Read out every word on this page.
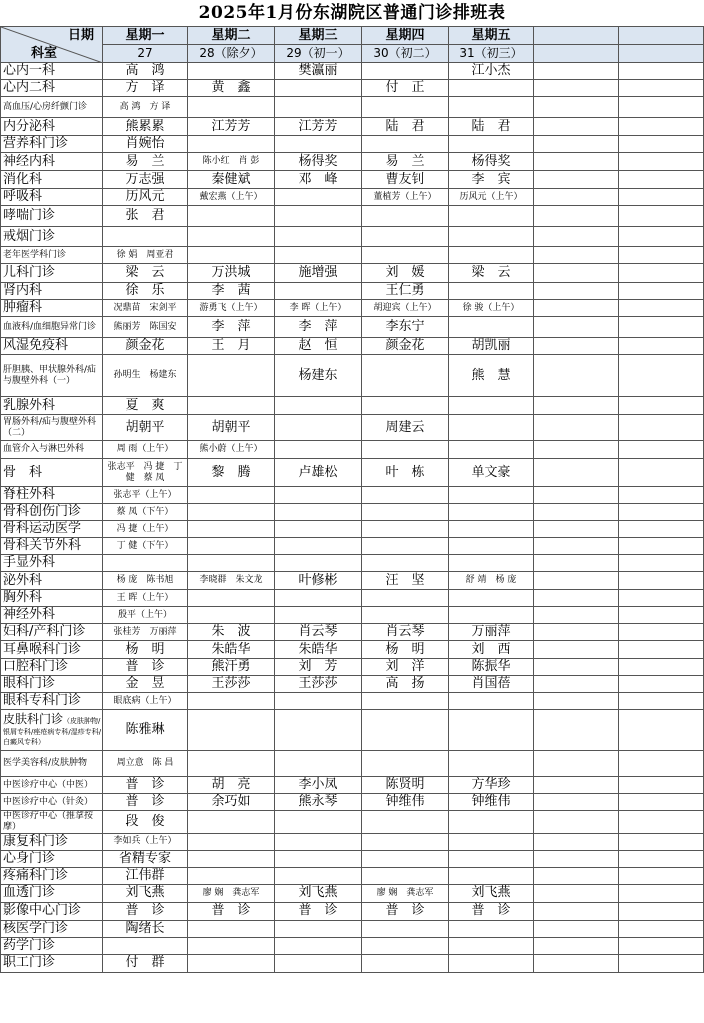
2025年1月份东湖院区普通门诊排班表
日期
科室	星期一	星期二	星期三	星期四	星期五		
	27	28（除夕）	29（初一）	30（初二）	31（初三）		
心内一科	高　鸿		樊瀛丽		江小杰		
心内二科	方　译	黄　鑫		付　正			
高血压/心房纤颤门诊	高 鸿　方 译						
内分泌科	熊累累	江芳芳	江芳芳	陆　君	陆　君		
营养科门诊	肖婉怡						
神经内科	易　兰	陈小红　肖 彭	杨得奖	易　兰	杨得奖		
消化科	万志强	秦健斌	邓　峰	曹友钊	李　宾		
呼吸科	历风元	戴宏燕（上午）		董植芳（上午）	历风元（上午）		
哮喘门诊	张　君						
戒烟门诊							
老年医学科门诊	徐 娟　周亚君						
儿科门诊	梁　云	万洪城	施增强	刘　媛	梁　云		
肾内科	徐　乐	李　茜		王仁勇			
肿瘤科	况鼎苗　宋剑平	游勇飞（上午）	李 晖（上午）	胡迎宾（上午）	徐 骏（上午）		
血液科/血细胞异常门诊	熊丽芳　陈国安	李　萍	李　萍	李东宁			
风湿免疫科	颜金花	王　月	赵　恒	颜金花	胡凯丽		
肝胆胰、甲状腺外科/疝与腹壁外科（一）	孙明生　杨建东		杨建东		熊　慧		
乳腺外科	夏　爽						
胃肠外科/疝与腹壁外科（二）	胡朝平	胡朝平		周建云			
血管介入与淋巴外科	周 雨（上午）	熊小蔚（上午）					
骨　科	张志平　冯 捷　丁 健　蔡 凤	黎　腾	卢雄松	叶　栋	单文豪		
脊柱外科	张志平（上午）						
骨科创伤门诊	蔡 凤（下午）						
骨科运动医学	冯 捷（上午）						
骨科关节外科	丁 健（下午）						
手显外科							
泌外科	杨 庞　陈书旭	李晓群　朱文龙	叶修彬	汪　坚	舒 靖　杨 庞		
胸外科	王 晖（上午）						
神经外科	殷平（上午）						
妇科/产科门诊	张桂芳　万丽萍	朱　波	肖云琴	肖云琴	万丽萍		
耳鼻喉科门诊	杨　明	朱皓华	朱皓华	杨　明	刘　西		
口腔科门诊	普　诊	熊汗勇	刘　芳	刘　洋	陈振华		
眼科门诊	金　昱	王莎莎	王莎莎	高　扬	肖国蓓		
眼科专科门诊	眼底病（上午）						
皮肤科门诊（皮肤肿物/银屑专科/痤疮病专科/湿疹专科/白癜风专科）	陈雅琳						
医学美容科/皮肤肿物	周立意　陈 昌						
中医诊疗中心（中医）	普　诊	胡　亮	李小凤	陈贤明	方华珍		
中医诊疗中心（针灸）	普　诊	余巧如	熊永琴	钟维伟	钟维伟		
中医诊疗中心（推拿按摩）	段　俊						
康复科门诊	李如兵（上午）						
心身门诊	省精专家						
疼痛科门诊	江伟群						
血透门诊	刘飞燕	廖 娴　龚志军	刘飞燕	廖 娴　龚志军	刘飞燕		
影像中心门诊	普　诊	普　诊	普　诊	普　诊	普　诊		
核医学门诊	陶绪长						
药学门诊							
职工门诊	付　群						
